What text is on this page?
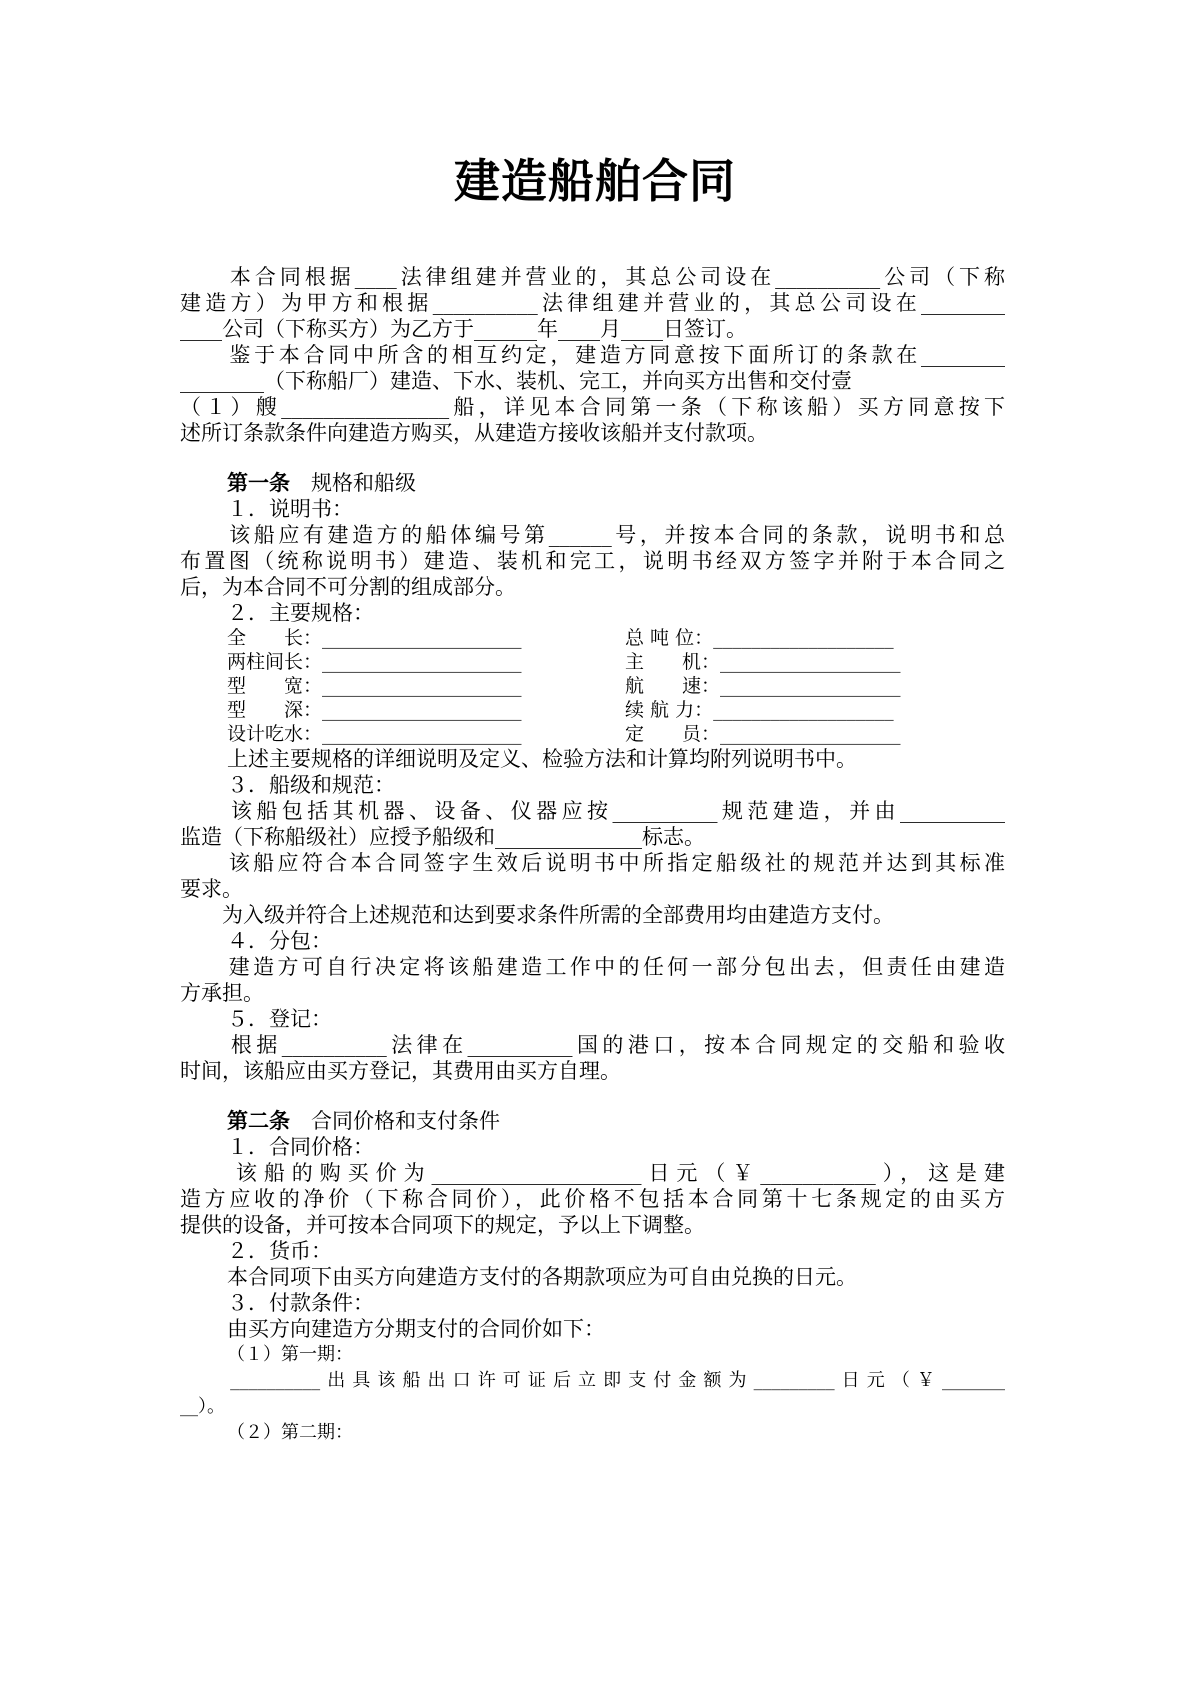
建造船舶合同

　　本合同根据____法律组建并营业的，其总公司设在__________公司（下称

建造方）为甲方和根据__________法律组建并营业的，其总公司设在________

____公司（下称买方）为乙方于______年____月____日签订。

　　鉴于本合同中所含的相互约定，建造方同意按下面所订的条款在________

________（下称船厂）建造、下水、装机、完工，并向买方出售和交付壹

（１）艘________________船，详见本合同第一条（下称该船）买方同意按下

述所订条款条件向建造方购买，从建造方接收该船并支付款项。

第一条　 规格和船级

１．说明书：

　　该船应有建造方的船体编号第______号，并按本合同的条款，说明书和总

布置图（统称说明书）建造、装机和完工，说明书经双方签字并附于本合同之

后，为本合同不可分割的组成部分。

２．主要规格：

全　　长：_____________________

两柱间长：_____________________

型　　宽：_____________________

型　　深：_____________________

设计吃水：_____________________

总 吨 位：___________________

主　　机：___________________

航　　速：___________________

续 航 力：___________________

定　　员：___________________

上述主要规格的详细说明及定义、检验方法和计算均附列说明书中。

３．船级和规范：

　　该船包括其机器、设备、仪器应按__________规范建造，并由__________

监造（下称船级社）应授予船级和______________标志。

　　该船应符合本合同签字生效后说明书中所指定船级社的规范并达到其标准

要求。

　　为入级并符合上述规范和达到要求条件所需的全部费用均由建造方支付。

４．分包：

　　建造方可自行决定将该船建造工作中的任何一部分包出去，但责任由建造

方承担。

５．登记：

　　根据__________法律在__________国的港口，按本合同规定的交船和验收

时间，该船应由买方登记，其费用由买方自理。

第二条　 合同价格和支付条件

１．合同价格：

　　该船的购买价为____________________日元（￥___________），这是建

造方应收的净价（下称合同价），此价格不包括本合同第十七条规定的由买方

提供的设备，并可按本合同项下的规定，予以上下调整。

２．货币：

本合同项下由买方向建造方支付的各期款项应为可自由兑换的日元。

３．付款条件：

由买方向建造方分期支付的合同价如下：

（１）第一期：

　　__________出具该船出口许可证后立即支付金额为_________日元（￥_______

__）。

（２）第二期：
